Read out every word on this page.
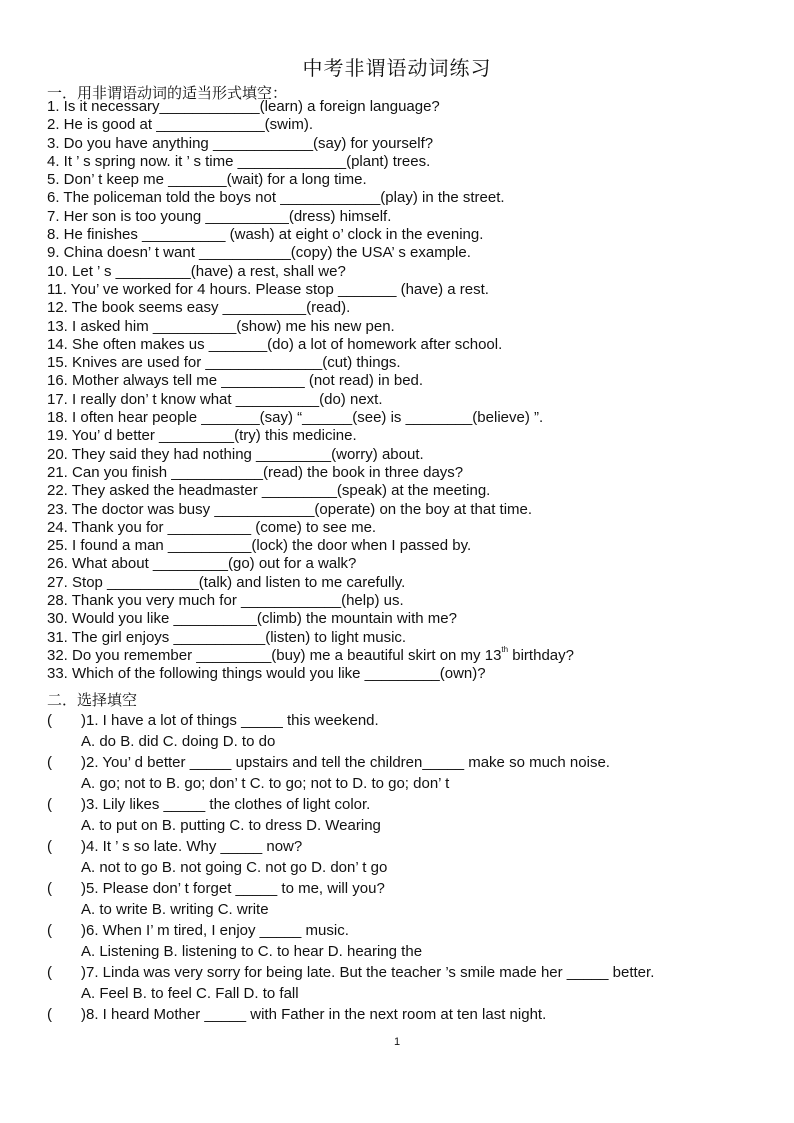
中考非谓语动词练习

一．用非谓语动词的适当形式填空：

1. Is it necessary____________(learn) a foreign language?
2. He is good at _____________(swim).
3. Do you have anything ____________(say) for yourself?
4. It ’ s spring now. it ’ s time _____________(plant) trees.
5. Don’ t keep me _______(wait) for a long time.
6. The policeman told the boys not ____________(play) in the street.
7. Her son is too young __________(dress) himself.
8. He finishes __________ (wash) at eight o’ clock in the evening.
9. China doesn’ t want ___________(copy) the USA’ s example.
10. Let ’ s _________(have) a rest, shall we?
11. You’ ve worked for 4 hours. Please stop _______ (have) a rest.
12. The book seems easy __________(read).
13. I asked him __________(show) me his new pen.
14. She often makes us _______(do) a lot of homework after school.
15. Knives are used for ______________(cut) things.
16. Mother always tell me __________ (not read) in bed.
17. I really don’ t know what __________(do) next.
18. I often hear people _______(say) “______(see) is ________(believe) ”.
19. You’ d better _________(try) this medicine.
20. They said they had nothing _________(worry) about.
21. Can you finish ___________(read) the book in three days?
22. They asked the headmaster _________(speak) at the meeting.
23. The doctor was busy ____________(operate) on the boy at that time.
24. Thank you for __________ (come) to see me.
25. I found a man __________(lock) the door when I passed by.
26. What about _________(go) out for a walk?
27. Stop ___________(talk) and listen to me carefully.
28. Thank you very much for ____________(help) us.
30. Would you like __________(climb) the mountain with me?
31. The girl enjoys ___________(listen) to light music.
32. Do you remember _________(buy) me a beautiful skirt on my 13th birthday?
33. Which of the following things would you like _________(own)?

二．选择填空

(	)1. I have a lot of things _____ this weekend.
A. do B. did C. doing D. to do
(	)2. You’ d better _____ upstairs and tell the children_____ make so much noise.
A. go; not to B. go; don’ t C. to go; not to D. to go; don’ t
(	)3. Lily likes _____ the clothes of light color.
A. to put on B. putting C. to dress D. Wearing
(	)4. It ’ s so late. Why _____ now?
A. not to go B. not going C. not go D. don’ t go
(	)5. Please don’ t forget _____ to me, will you?
A. to write B. writing C. write
(	)6. When I’ m tired, I enjoy _____ music.
A. Listening B. listening to C. to hear D. hearing the
(	)7. Linda was very sorry for being late. But the teacher ’s smile made her _____ better.
A. Feel B. to feel C. Fall D. to fall
(	)8. I heard Mother _____ with Father in the next room at ten last night.
1
